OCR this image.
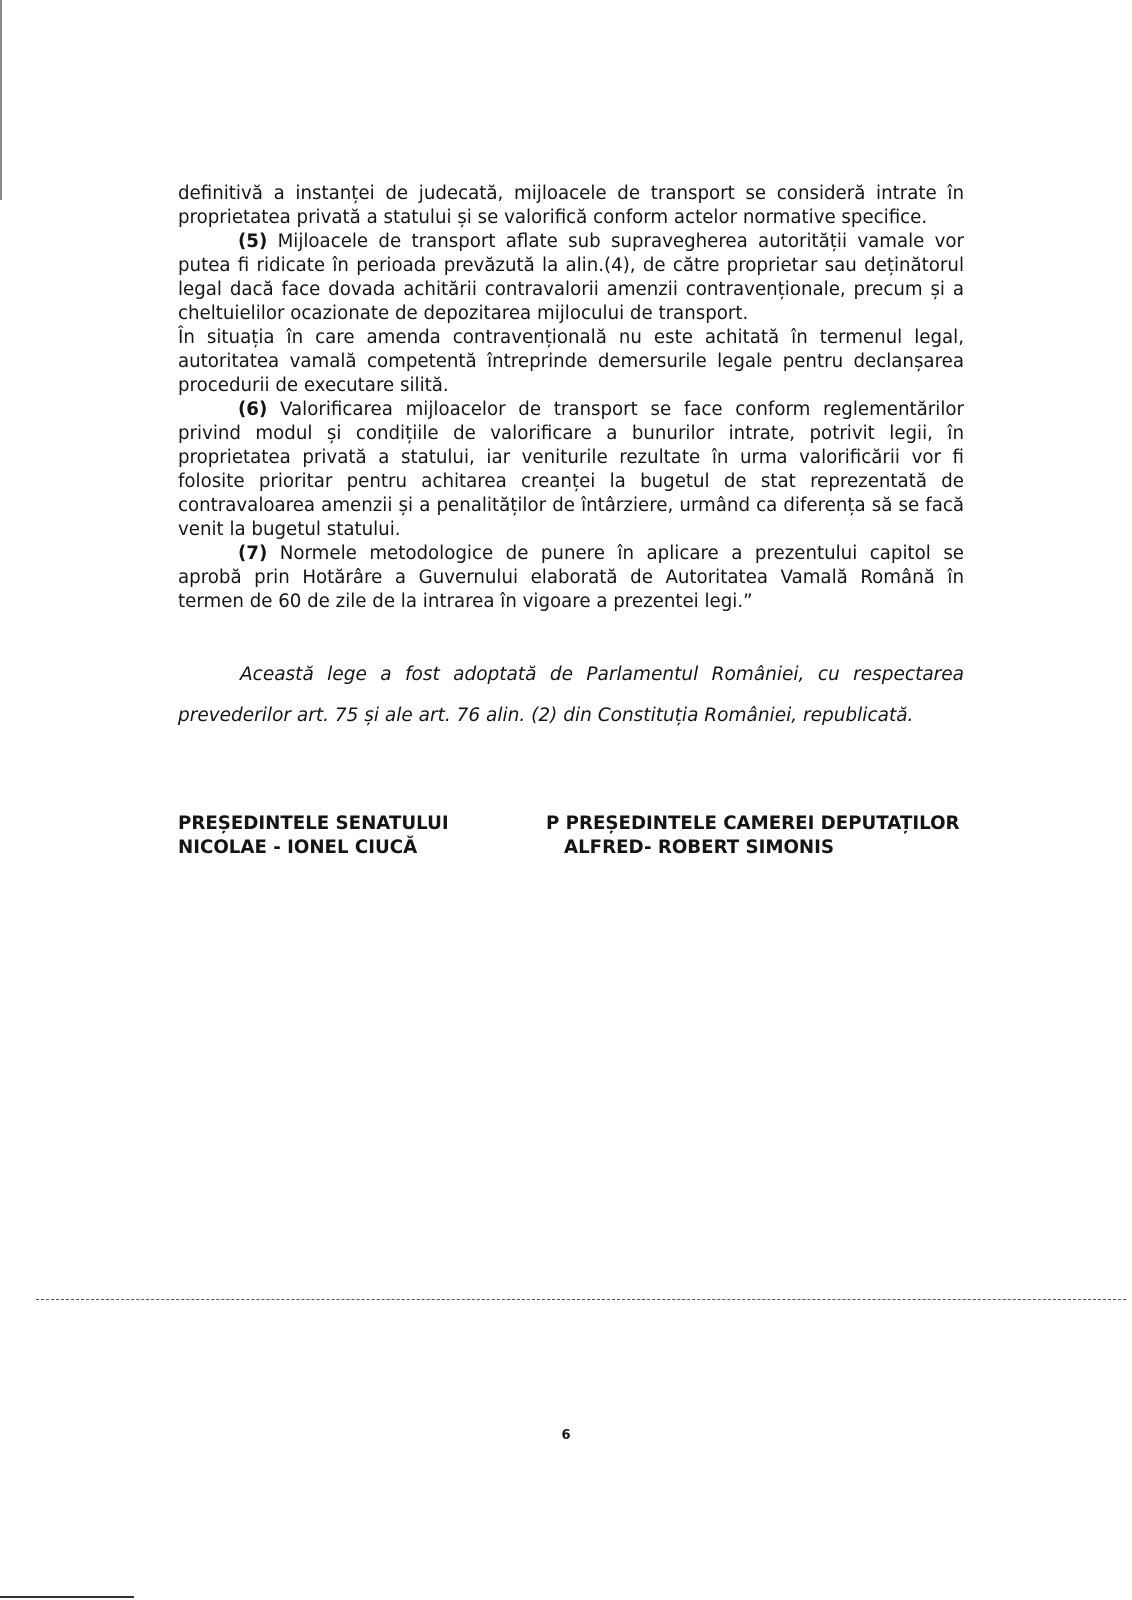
definitivă a instanței de judecată, mijloacele de transport se consideră intrate în proprietatea privată a statului și se valorifică conform actelor normative specifice.

(5) Mijloacele de transport aflate sub supravegherea autorității vamale vor putea fi ridicate în perioada prevăzută la alin.(4), de către proprietar sau deținătorul legal dacă face dovada achitării contravalorii amenzii contravenționale, precum și a cheltuielilor ocazionate de depozitarea mijlocului de transport.

În situația în care amenda contravențională nu este achitată în termenul legal, autoritatea vamală competentă întreprinde demersurile legale pentru declanșarea procedurii de executare silită.

(6) Valorificarea mijloacelor de transport se face conform reglementărilor privind modul și condițiile de valorificare a bunurilor intrate, potrivit legii, în proprietatea privată a statului, iar veniturile rezultate în urma valorificării vor fi folosite prioritar pentru achitarea creanței la bugetul de stat reprezentată de contravaloarea amenzii și a penalităților de întârziere, urmând ca diferența să se facă venit la bugetul statului.

(7) Normele metodologice de punere în aplicare a prezentului capitol se aprobă prin Hotărâre a Guvernului elaborată de Autoritatea Vamală Română în termen de 60 de zile de la intrarea în vigoare a prezentei legi.”

Această lege a fost adoptată de Parlamentul României, cu respectarea

prevederilor art. 75 și ale art. 76 alin. (2) din Constituția României, republicată.

PREȘEDINTELE SENATULUI
NICOLAE - IONEL CIUCĂ
P PREȘEDINTELE CAMEREI DEPUTAȚILOR
ALFRED- ROBERT SIMONIS
6
